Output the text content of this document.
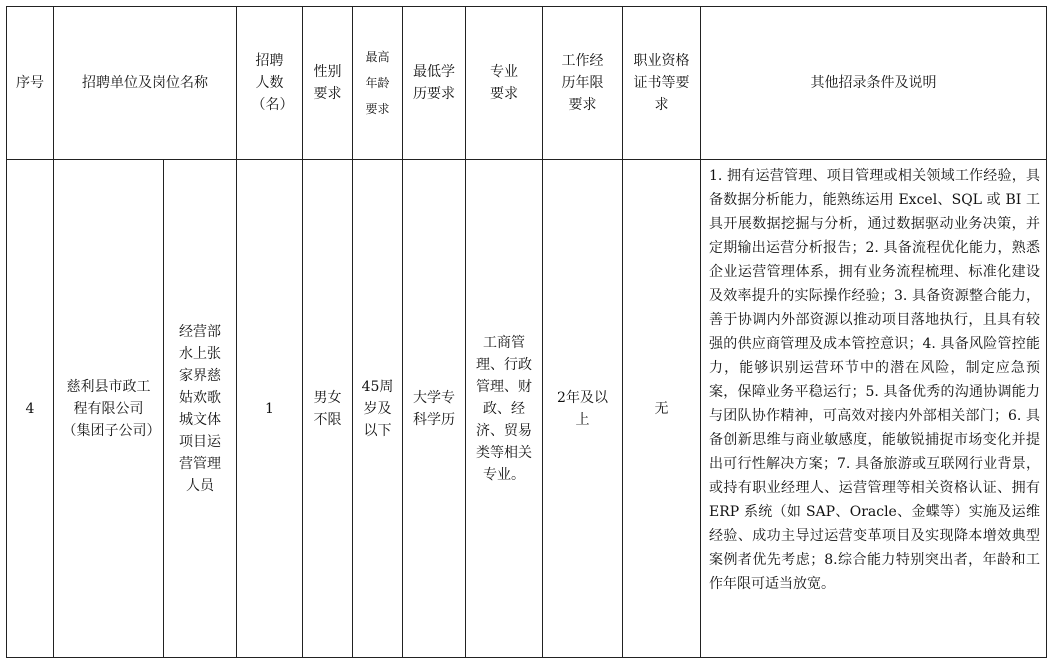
序号	招聘单位及岗位名称		招聘人数（名）	性别要求	最高年龄要求	最低学历要求	专业要求	工作经历年限要求	职业资格证书等要求	其他招录条件及说明

4	慈利县市政工程有限公司（集团子公司）	经营部水上张家界慈姑欢歌城文体项目运营管理人员	1	男女不限	45周岁及以下	大学专科学历	工商管理、行政管理、财政、经济、贸易类等相关专业。	2年及以上	无	1. 拥有运营管理、项目管理或相关领域工作经验，具备数据分析能力，能熟练运用 Excel、SQL 或 BI 工具开展数据挖掘与分析，通过数据驱动业务决策，并定期输出运营分析报告；2. 具备流程优化能力，熟悉企业运营管理体系，拥有业务流程梳理、标准化建设及效率提升的实际操作经验；3. 具备资源整合能力，善于协调内外部资源以推动项目落地执行，且具有较强的供应商管理及成本管控意识；4. 具备风险管控能力，能够识别运营环节中的潜在风险，制定应急预案，保障业务平稳运行；5. 具备优秀的沟通协调能力与团队协作精神，可高效对接内外部相关部门；6. 具备创新思维与商业敏感度，能敏锐捕捉市场变化并提出可行性解决方案；7. 具备旅游或互联网行业背景，或持有职业经理人、运营管理等相关资格认证、拥有 ERP 系统（如 SAP、Oracle、金蝶等）实施及运维经验、成功主导过运营变革项目及实现降本增效典型案例者优先考虑；8.综合能力特别突出者，年龄和工作年限可适当放宽。
